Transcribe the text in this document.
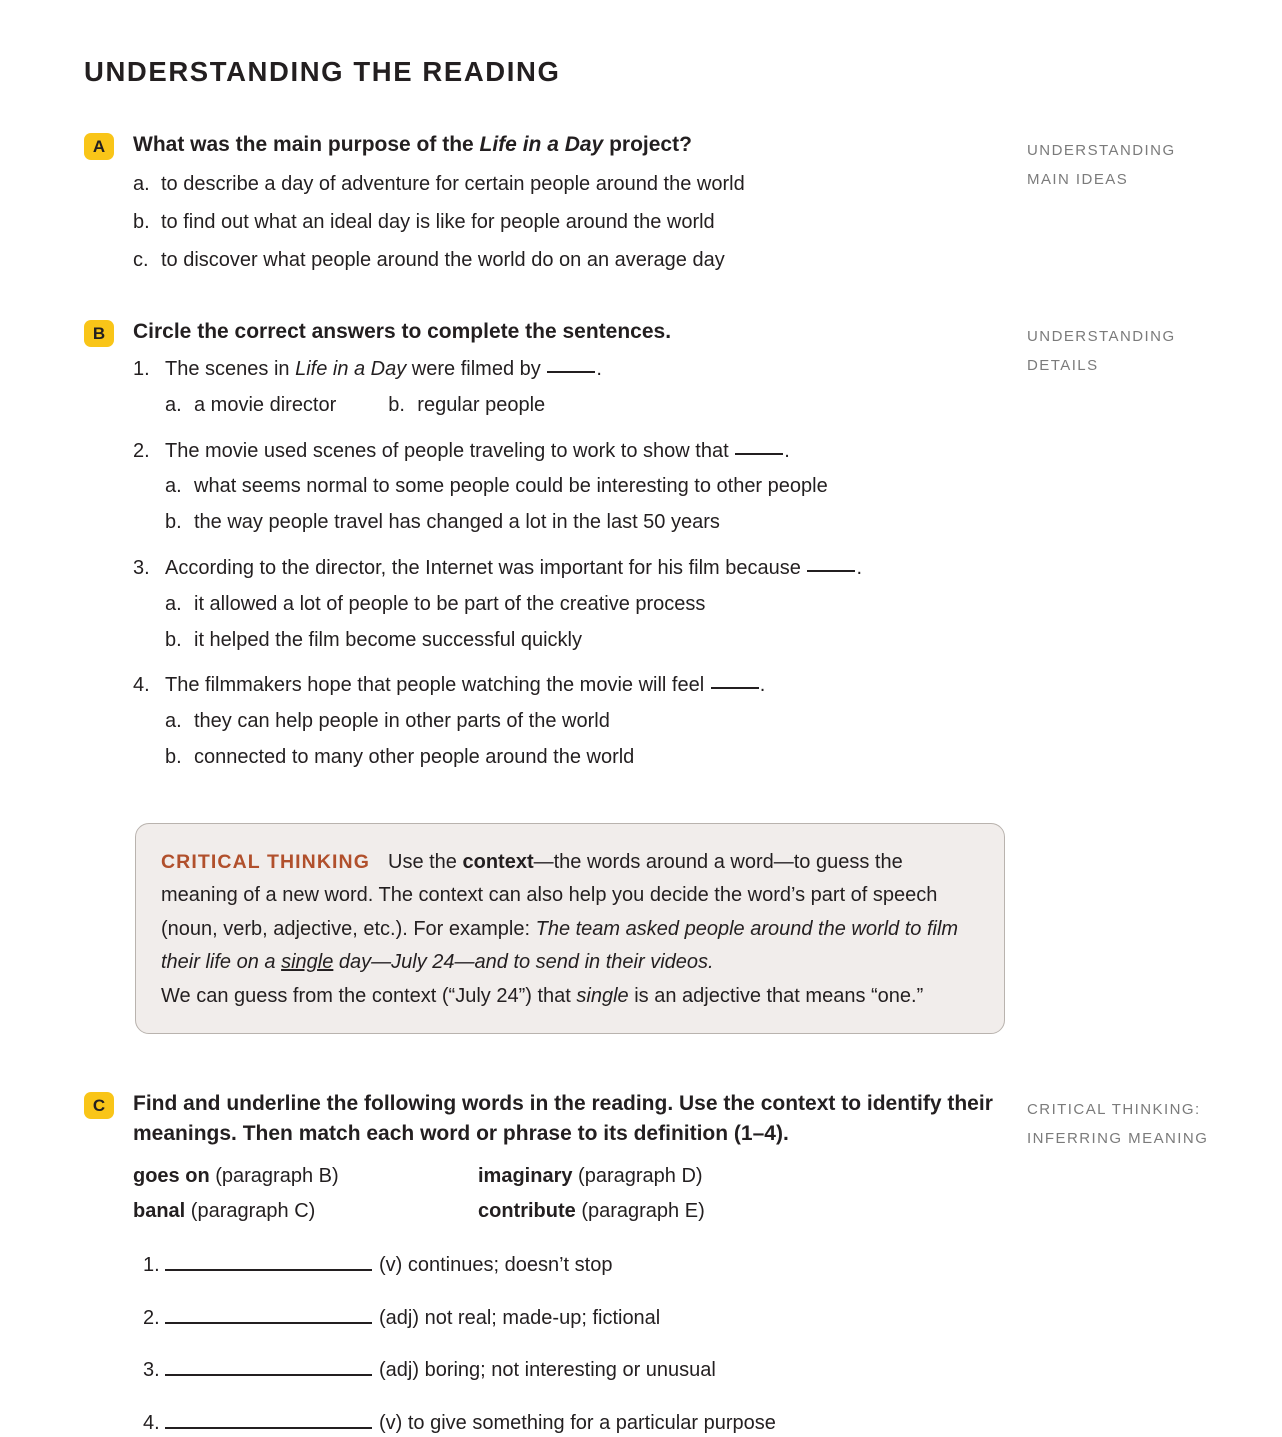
UNDERSTANDING THE READING
A	What was the main purpose of the Life in a Day project?
a. to describe a day of adventure for certain people around the world
b. to find out what an ideal day is like for people around the world
c. to discover what people around the world do on an average day
UNDERSTANDING
MAIN IDEAS
B	Circle the correct answers to complete the sentences.
1. The scenes in Life in a Day were filmed by	.
a. a movie director	b. regular people
2. The movie used scenes of people traveling to work to show that	.
a. what seems normal to some people could be interesting to other people
b. the way people travel has changed a lot in the last 50 years
3. According to the director, the Internet was important for his film because	.
a. it allowed a lot of people to be part of the creative process
b. it helped the film become successful quickly
4. The filmmakers hope that people watching the movie will feel	.
a. they can help people in other parts of the world
b. connected to many other people around the world
UNDERSTANDING
DETAILS
CRITICAL THINKING Use the context—the words around a word—to guess the meaning of a new word. The context can also help you decide the word’s part of speech (noun, verb, adjective, etc.). For example: The team asked people around the world to film their life on a single day—July 24—and to send in their videos.
We can guess from the context (“July 24”) that single is an adjective that means “one.”
C	Find and underline the following words in the reading. Use the context to identify their meanings. Then match each word or phrase to its definition (1–4).
goes on (paragraph B)	imaginary (paragraph D)
banal (paragraph C)	contribute (paragraph E)
1.	(v) continues; doesn’t stop
2.	(adj) not real; made-up; fictional
3.	(adj) boring; not interesting or unusual
4.	(v) to give something for a particular purpose
CRITICAL THINKING:
INFERRING MEANING
